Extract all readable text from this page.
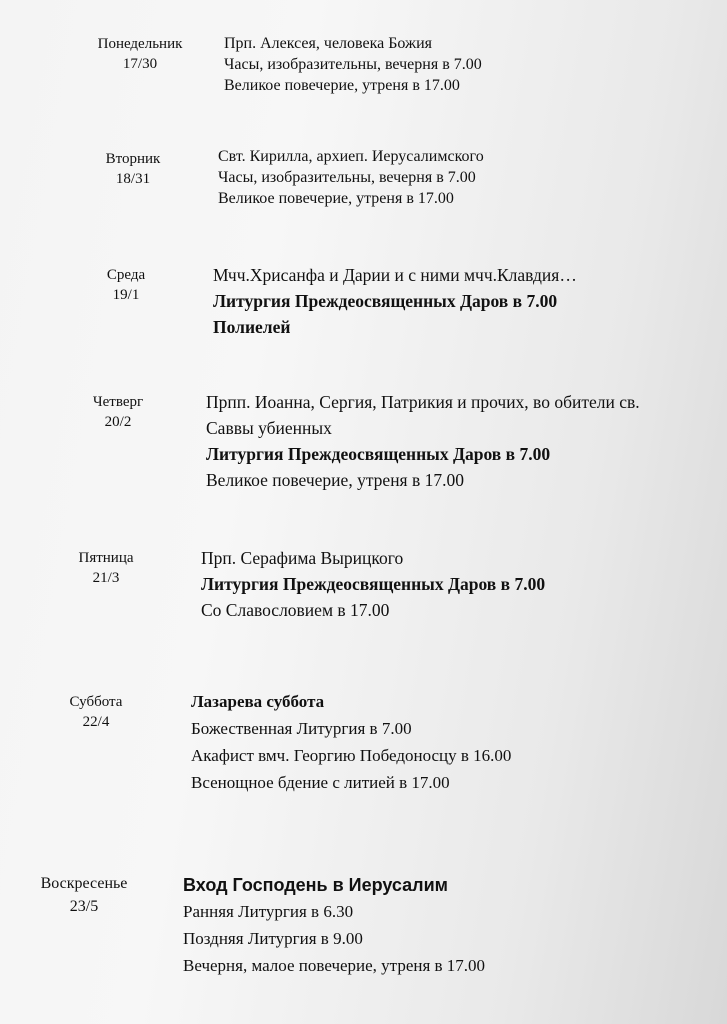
Понедельник
17/30
Прп. Алексея, человека Божия
Часы, изобразительны, вечерня в 7.00
Великое повечерие, утреня в 17.00
Вторник
18/31
Свт. Кирилла, архиеп. Иерусалимского
Часы, изобразительны, вечерня в 7.00
Великое повечерие, утреня в 17.00
Среда
19/1
Мчч.Хрисанфа и Дарии и с ними мчч.Клавдия…
Литургия Преждеосвященных Даров в 7.00
Полиелей
Четверг
20/2
Прпп. Иоанна, Сергия, Патрикия и прочих, во обители св.
Саввы убиенных
Литургия Преждеосвященных Даров в 7.00
Великое повечерие, утреня в 17.00
Пятница
21/3
Прп. Серафима Вырицкого
Литургия Преждеосвященных Даров в 7.00
Со Славословием в 17.00
Суббота
22/4
Лазарева суббота
Божественная Литургия в 7.00
Акафист вмч. Георгию Победоносцу в 16.00
Всенощное бдение с литией в 17.00
Воскресенье
23/5
Вход Господень в Иерусалим
Ранняя Литургия в 6.30
Поздняя Литургия в 9.00
Вечерня, малое повечерие, утреня в 17.00
